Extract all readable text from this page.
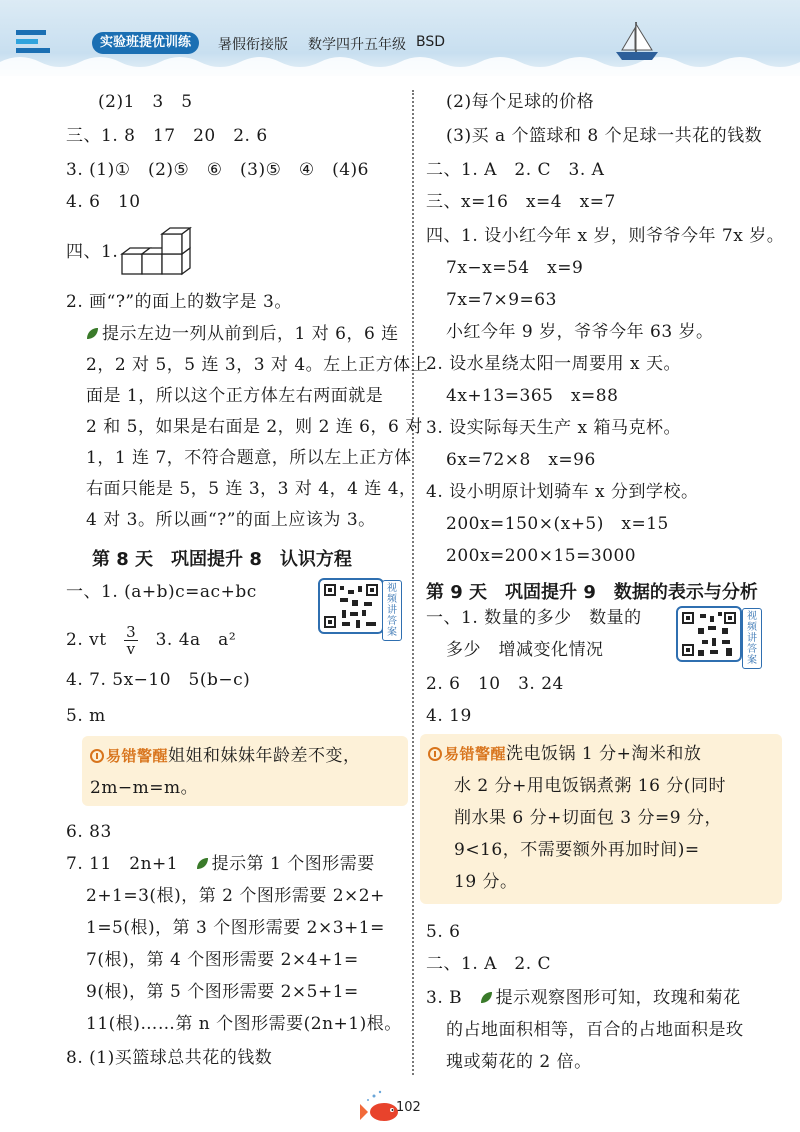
实验班提优训练	暑假衔接版 数学四升五年级 BSD
(2)1　3　5
三、1. 8　17　20　2. 6
3. (1)①　(2)⑤　⑥　(3)⑤　④　(4)6
4. 6　10
四、1.
2. 画“?”的面上的数字是 3。
提示左边一列从前到后，1 对 6，6 连
2，2 对 5，5 连 3，3 对 4。左上正方体上
面是 1，所以这个正方体左右两面就是
2 和 5，如果是右面是 2，则 2 连 6，6 对
1，1 连 7，不符合题意，所以左上正方体
右面只能是 5，5 连 3，3 对 4，4 连 4，
4 对 3。所以画“?”的面上应该为 3。
第 8 天　巩固提升 8　认识方程
一、1. (a+b)c=ac+bc	视频讲答案
2. vt　 $\frac{3}{v}$
　 3. 4a　a²
4. 7. 5x−10　5(b−c)
5. m
易错警醒姐姐和妹妹年龄差不变，
2m−m=m。
6. 83
7. 11　2n+1　 提示第 1 个图形需要
2+1=3(根)，第 2 个图形需要 2×2+
1=5(根)，第 3 个图形需要 2×3+1=
7(根)，第 4 个图形需要 2×4+1=
9(根)，第 5 个图形需要 2×5+1=
11(根)……第 n 个图形需要(2n+1)根。
8. (1)买篮球总共花的钱数
(2)每个足球的价格
(3)买 a 个篮球和 8 个足球一共花的钱数
二、1. A　2. C　3. A
三、x=16　x=4　x=7
四、1. 设小红今年 x 岁，则爷爷今年 7x 岁。
7x−x=54　x=9
7x=7×9=63
小红今年 9 岁，爷爷今年 63 岁。
2. 设水星绕太阳一周要用 x 天。
4x+13=365　x=88
3. 设实际每天生产 x 箱马克杯。
6x=72×8　x=96
4. 设小明原计划骑车 x 分到学校。
200x=150×(x+5)　x=15
200x=200×15=3000
第 9 天　巩固提升 9　数据的表示与分析
一、1. 数量的多少　数量的	视频讲答案
多少　增减变化情况
2. 6　10　3. 24
4. 19
易错警醒洗电饭锅 1 分+淘米和放
水 2 分+用电饭锅煮粥 16 分(同时
削水果 6 分+切面包 3 分=9 分，
9<16，不需要额外再加时间)=
19 分。
5. 6
二、1. A　2. C
3. B　 提示观察图形可知，玫瑰和菊花
的占地面积相等，百合的占地面积是玫
瑰或菊花的 2 倍。
102
